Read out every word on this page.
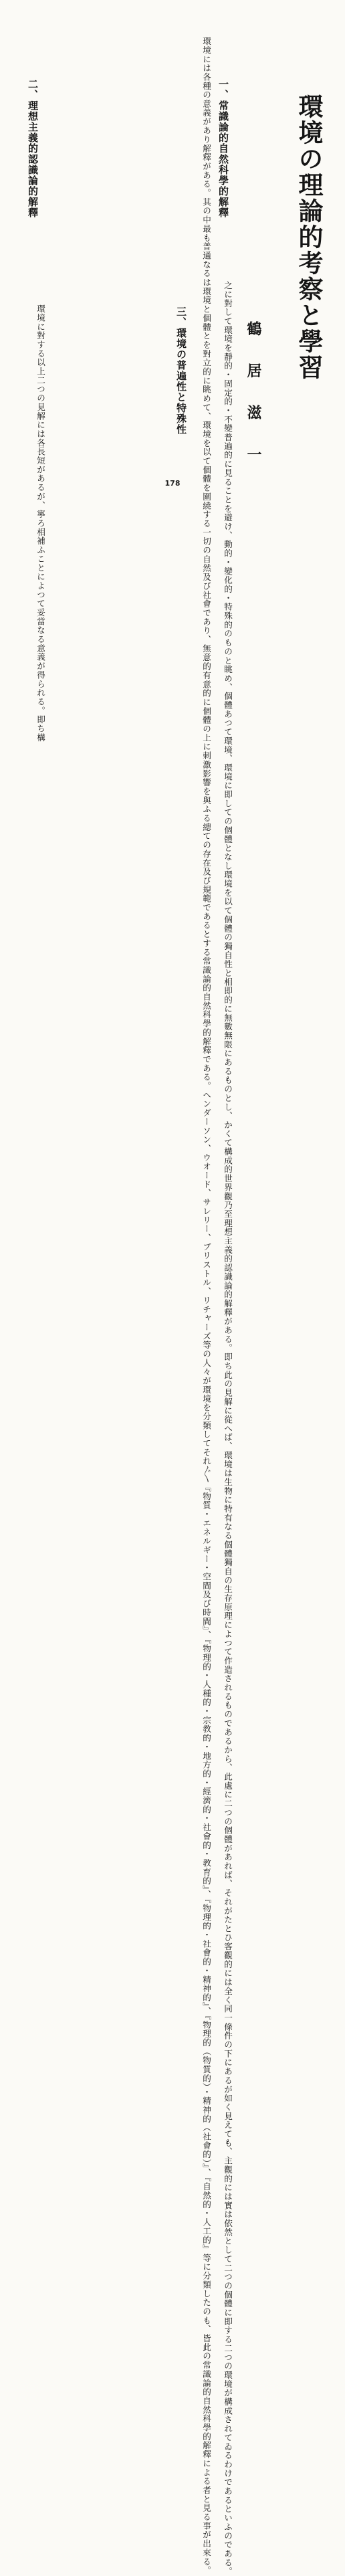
環境の理論的考察と學習
鶴　居　滋　一
一、常識論的自然科學的解釋
環境には各種の意義があり解釋がある。其の中最も普通なるは環境と個體とを對立的に眺めて、環境を以て個體を圍繞する一切の自然及び社會であり、無意的有意的に個體の上に刺激影響を與ふる總ての存在及び規範であるとする常識論的自然科學的解釋である。ヘンダーソン、ウオード、サレリー、ブリストル、リチャーズ等の人々が環境を分類してそれ〴〵『物質・エネルギー・空間及び時間』、『物理的・人種的・宗教的・地方的・經濟的・社會的・教育的』、『物理的・社會的・精神的』、『物理的（物質的）・精神的（社會的）』、『自然的・人工的』等に分類したのも、皆此の常識論的自然科學的解釋による者と見る事が出來る。
二、理想主義的認識論的解釋
之に對して環境を靜的・固定的・不變普遍的に見ることを避け、動的・變化的・特殊的のものと眺め、個體あつて環境、環境に即しての個體となし環境を以て個體の獨自性と相即的に無數無限にあるものとし、かくて構成的世界觀乃至理想主義的認識論的解釋がある。即ち此の見解に從へば、環境は生物に特有なる個體獨自の生存原理によつて作造されるものであるから、此處に二つの個體があれば、それがたとひ客觀的には全く同一條件の下にあるが如く見えても、主觀的には實は依然として二つの個體に即する二つの環境が構成されてゐるわけであるといふのである。
三、環境の普遍性と特殊性
環境に對する以上二つの見解には各長短があるが、寧ろ相補ふことによつて妥當なる意義が得られる。即ち構	178
